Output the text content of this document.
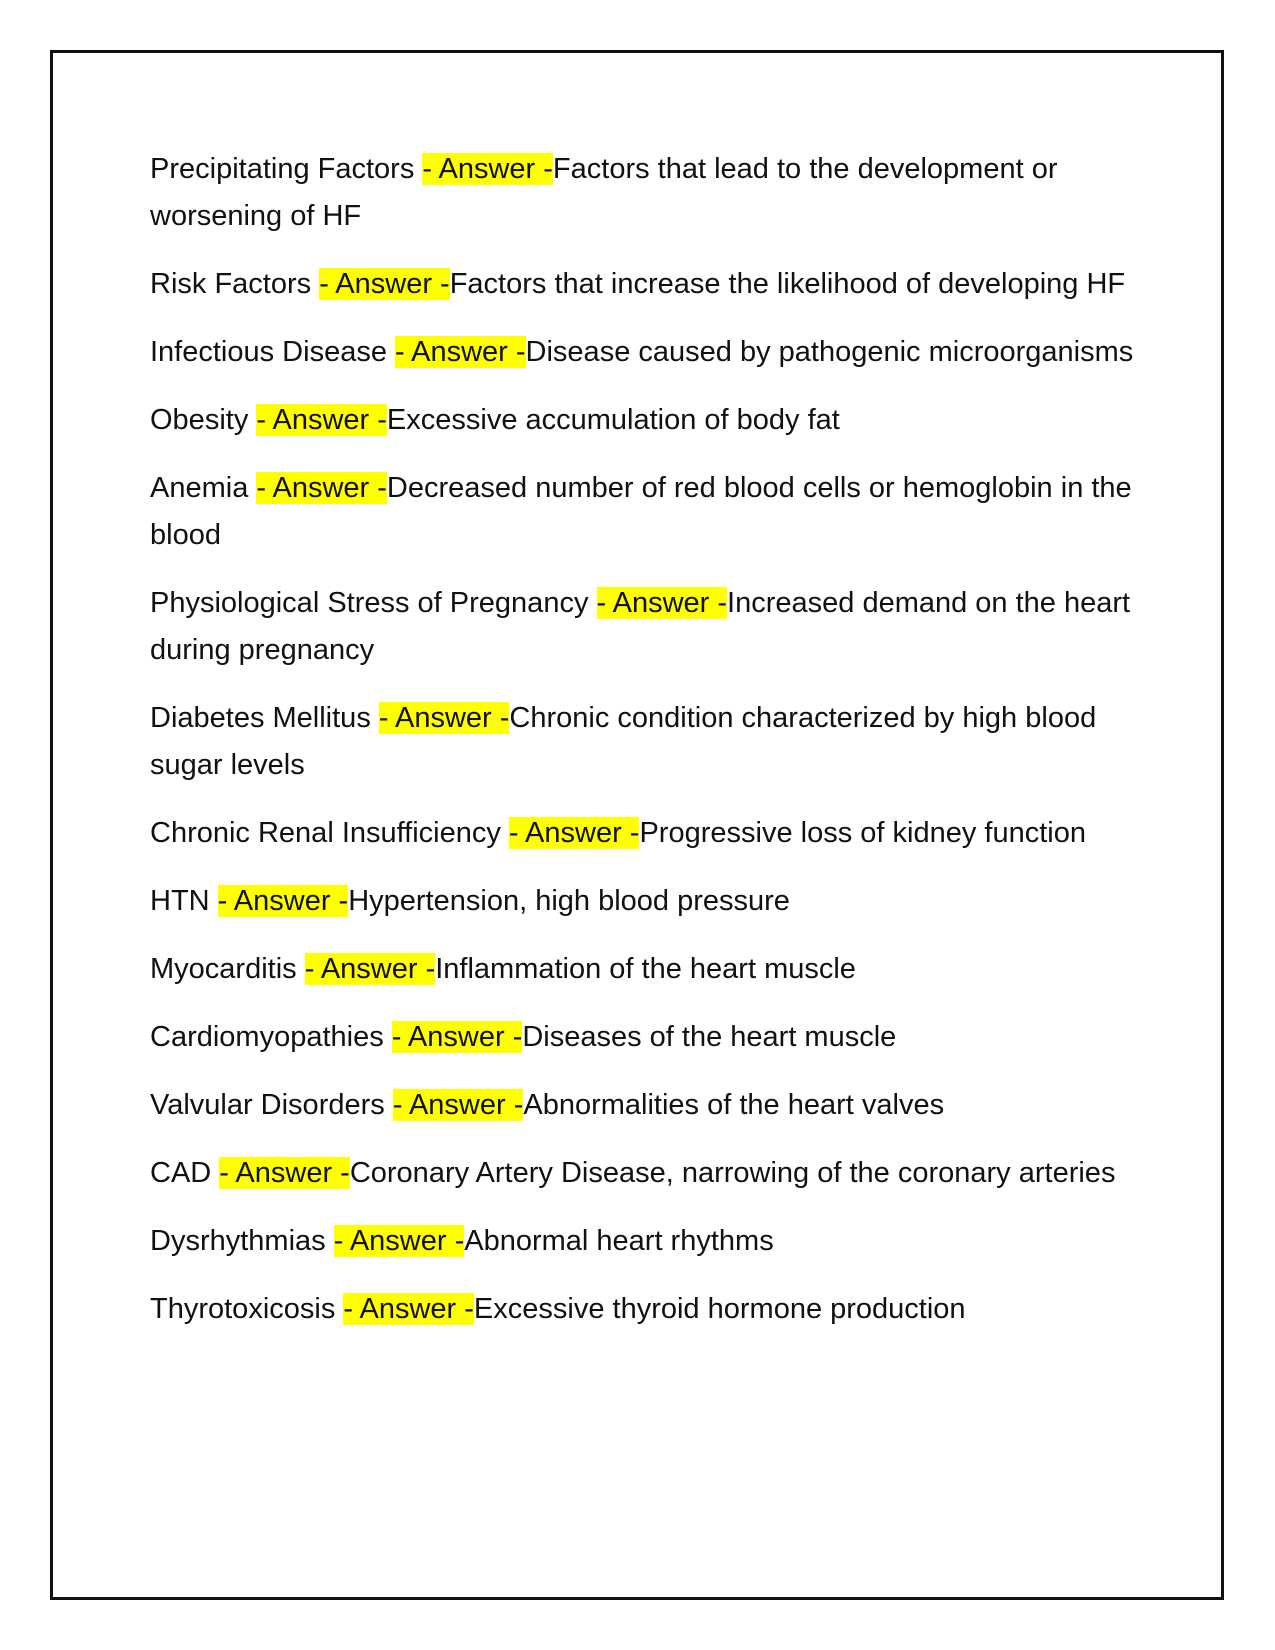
Precipitating Factors - Answer -Factors that lead to the development or worsening of HF
Risk Factors - Answer -Factors that increase the likelihood of developing HF
Infectious Disease - Answer -Disease caused by pathogenic microorganisms
Obesity - Answer -Excessive accumulation of body fat
Anemia - Answer -Decreased number of red blood cells or hemoglobin in the blood
Physiological Stress of Pregnancy - Answer -Increased demand on the heart during pregnancy
Diabetes Mellitus - Answer -Chronic condition characterized by high blood sugar levels
Chronic Renal Insufficiency - Answer -Progressive loss of kidney function
HTN - Answer -Hypertension, high blood pressure
Myocarditis - Answer -Inflammation of the heart muscle
Cardiomyopathies - Answer -Diseases of the heart muscle
Valvular Disorders - Answer -Abnormalities of the heart valves
CAD - Answer -Coronary Artery Disease, narrowing of the coronary arteries
Dysrhythmias - Answer -Abnormal heart rhythms
Thyrotoxicosis - Answer -Excessive thyroid hormone production
